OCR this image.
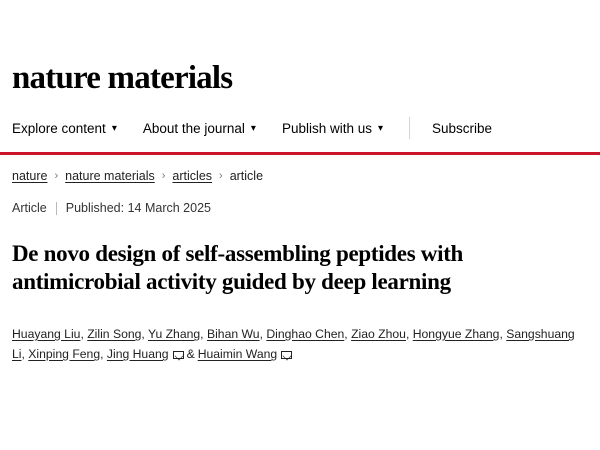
nature materials
Explore content ▾ About the journal ▾ Publish with us ▾	Subscribe
nature › nature materials › articles › article
Article Published: 14 March 2025
De novo design of self-assembling peptides with antimicrobial activity guided by deep learning
Huayang Liu, Zilin Song, Yu Zhang, Bihan Wu, Dinghao Chen, Ziao Zhou, Hongyue Zhang, Sangshuang Li, Xinping Feng, Jing Huang & Huaimin Wang
